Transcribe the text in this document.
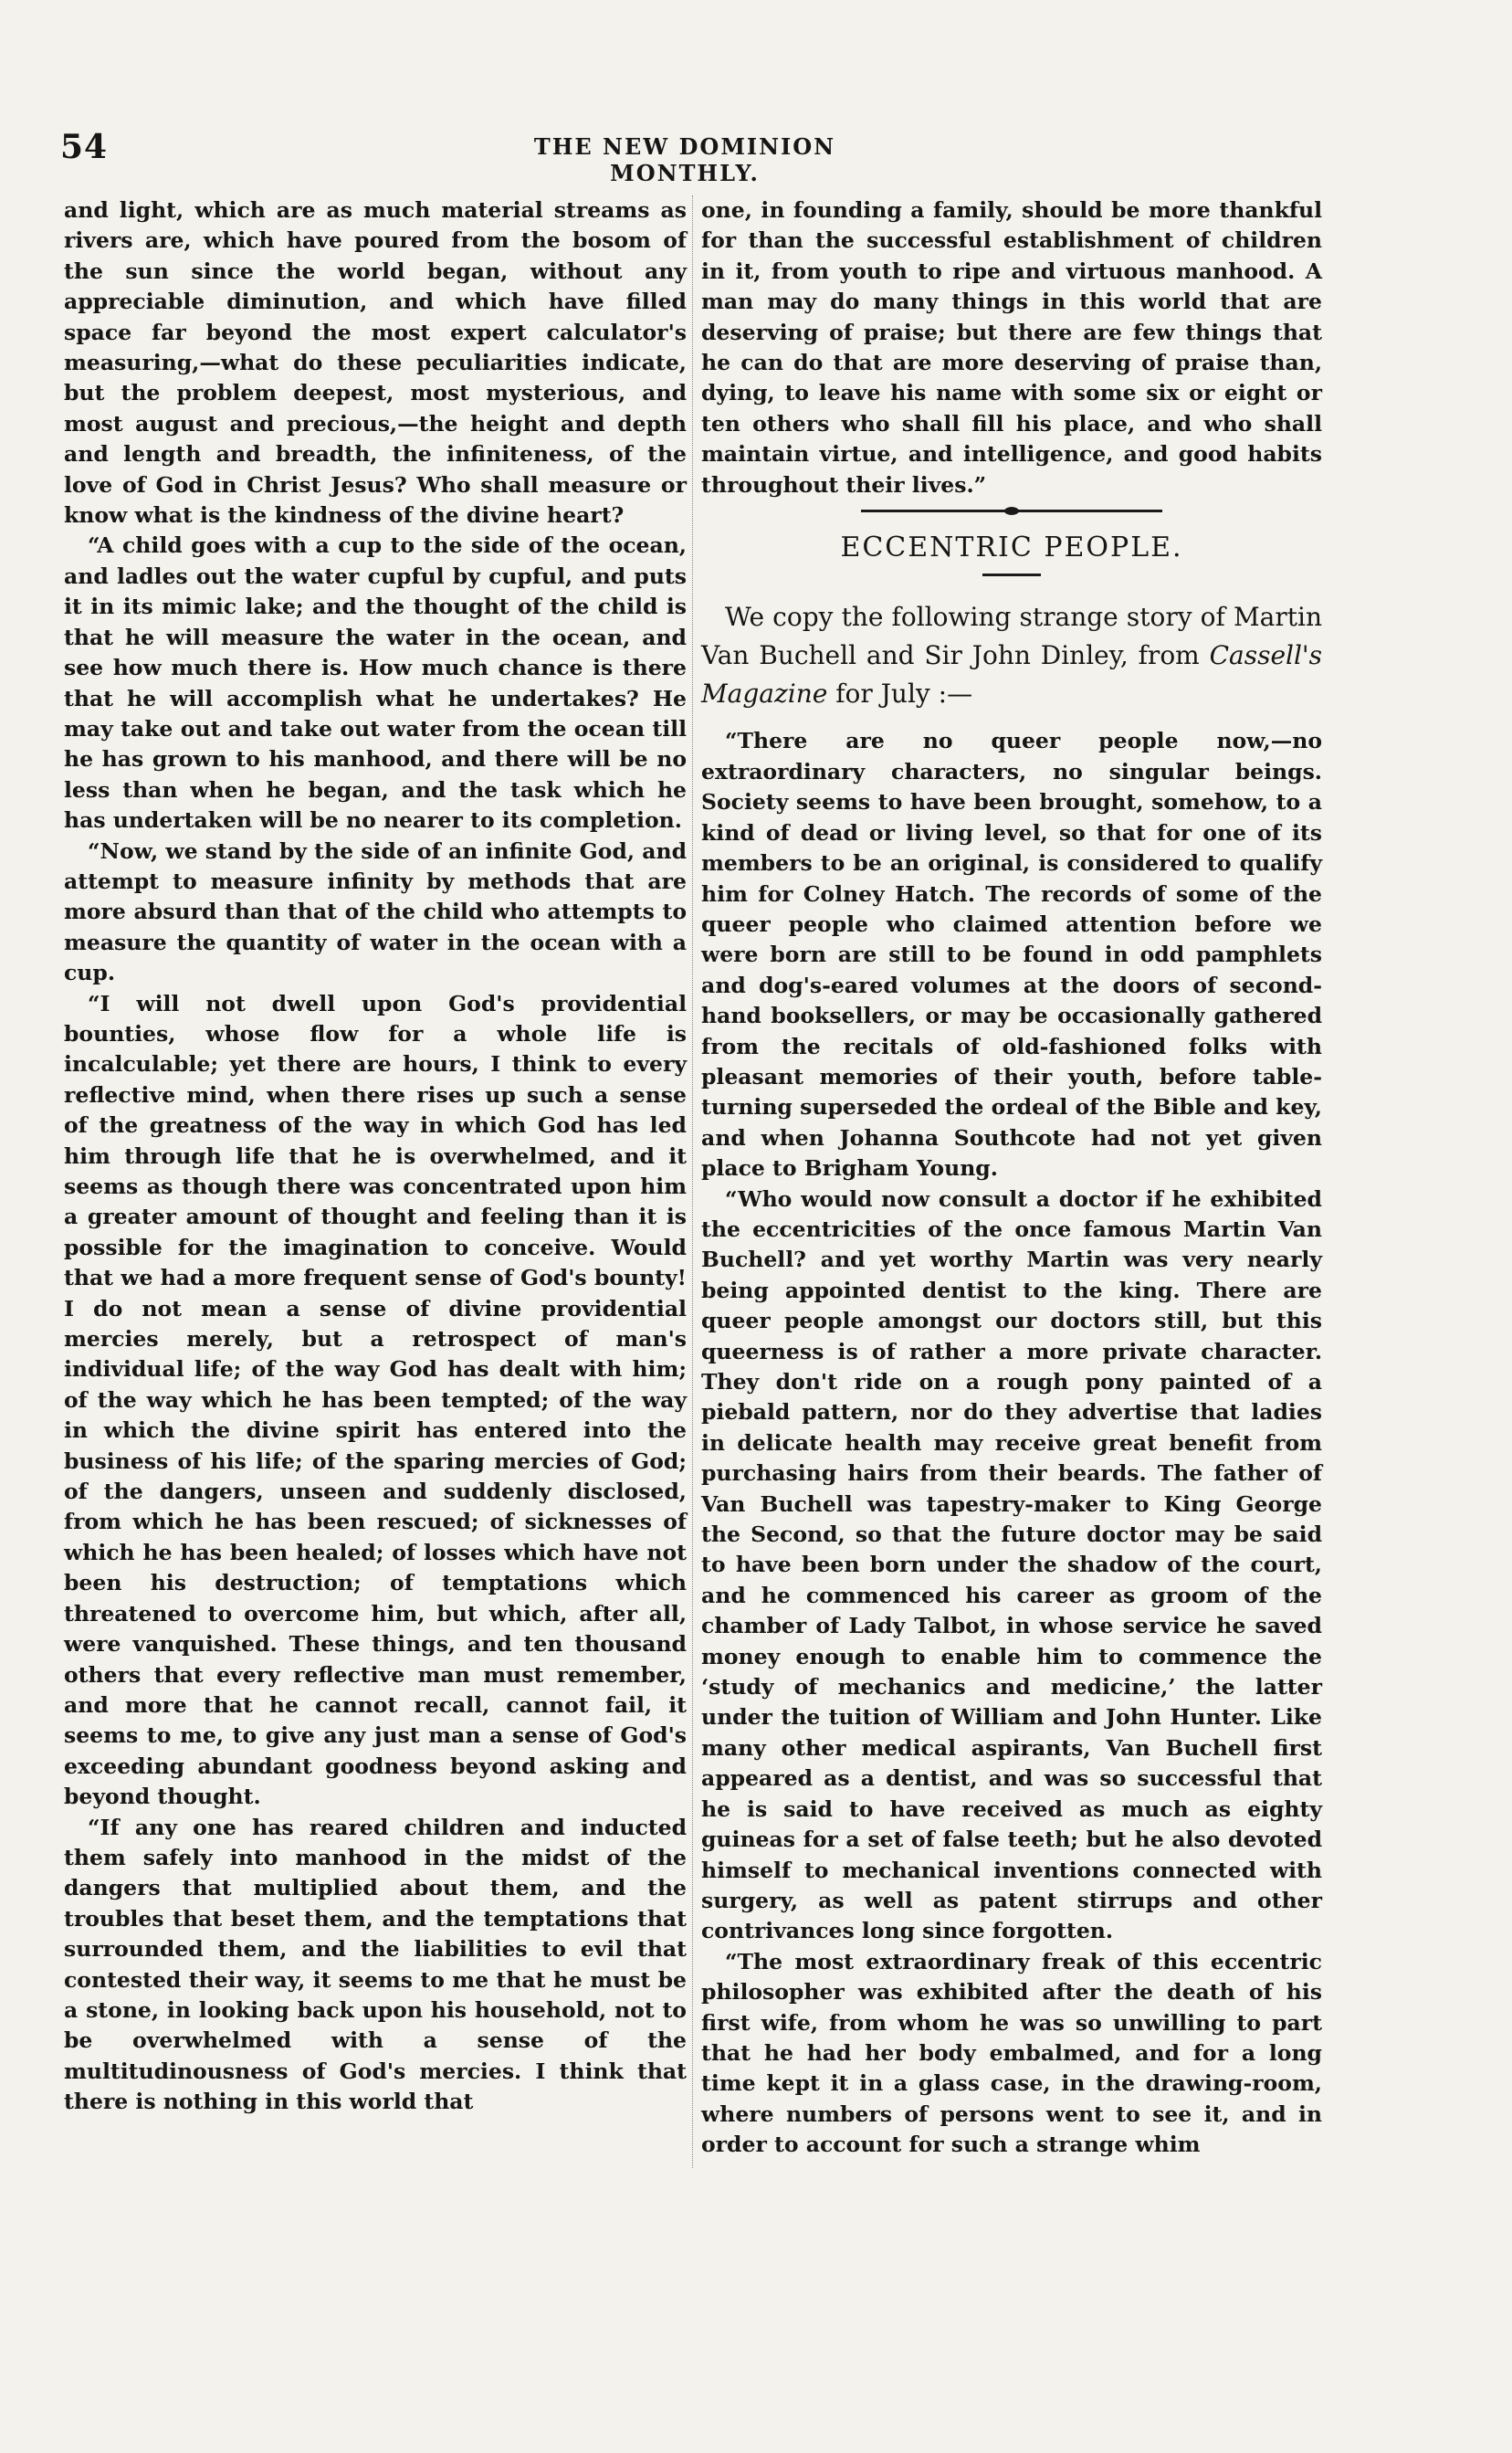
54	THE NEW DOMINION MONTHLY.

and light, which are as much material streams as rivers are, which have poured from the bosom of the sun since the world began, without any appreciable diminution, and which have filled space far beyond the most expert calculator's measuring,—what do these peculiarities indicate, but the problem deepest, most mysterious, and most august and precious,—the height and depth and length and breadth, the infiniteness, of the love of God in Christ Jesus? Who shall measure or know what is the kindness of the divine heart?

“A child goes with a cup to the side of the ocean, and ladles out the water cupful by cupful, and puts it in its mimic lake; and the thought of the child is that he will measure the water in the ocean, and see how much there is. How much chance is there that he will accomplish what he undertakes? He may take out and take out water from the ocean till he has grown to his manhood, and there will be no less than when he began, and the task which he has undertaken will be no nearer to its completion.

“Now, we stand by the side of an infinite God, and attempt to measure infinity by methods that are more absurd than that of the child who attempts to measure the quantity of water in the ocean with a cup.

“I will not dwell upon God's providential bounties, whose flow for a whole life is incalculable; yet there are hours, I think to every reflective mind, when there rises up such a sense of the greatness of the way in which God has led him through life that he is overwhelmed, and it seems as though there was concentrated upon him a greater amount of thought and feeling than it is possible for the imagination to conceive. Would that we had a more frequent sense of God's bounty! I do not mean a sense of divine providential mercies merely, but a retrospect of man's individual life; of the way God has dealt with him; of the way which he has been tempted; of the way in which the divine spirit has entered into the business of his life; of the sparing mercies of God; of the dangers, unseen and suddenly disclosed, from which he has been rescued; of sicknesses of which he has been healed; of losses which have not been his destruction; of temptations which threatened to overcome him, but which, after all, were vanquished. These things, and ten thousand others that every reflective man must remember, and more that he cannot recall, cannot fail, it seems to me, to give any just man a sense of God's exceeding abundant goodness beyond asking and beyond thought.

“If any one has reared children and inducted them safely into manhood in the midst of the dangers that multiplied about them, and the troubles that beset them, and the temptations that surrounded them, and the liabilities to evil that contested their way, it seems to me that he must be a stone, in looking back upon his household, not to be overwhelmed with a sense of the multitudinousness of God's mercies. I think that there is nothing in this world that

one, in founding a family, should be more thankful for than the successful establishment of children in it, from youth to ripe and virtuous manhood. A man may do many things in this world that are deserving of praise; but there are few things that he can do that are more deserving of praise than, dying, to leave his name with some six or eight or ten others who shall fill his place, and who shall maintain virtue, and intelligence, and good habits throughout their lives.”

ECCENTRIC PEOPLE.

We copy the following strange story of Martin Van Buchell and Sir John Dinley, from Cassell's Magazine for July :—

“There are no queer people now,—no extraordinary characters, no singular beings. Society seems to have been brought, somehow, to a kind of dead or living level, so that for one of its members to be an original, is considered to qualify him for Colney Hatch. The records of some of the queer people who claimed attention before we were born are still to be found in odd pamphlets and dog's-eared volumes at the doors of second-hand booksellers, or may be occasionally gathered from the recitals of old-fashioned folks with pleasant memories of their youth, before table-turning superseded the ordeal of the Bible and key, and when Johanna Southcote had not yet given place to Brigham Young.

“Who would now consult a doctor if he exhibited the eccentricities of the once famous Martin Van Buchell? and yet worthy Martin was very nearly being appointed dentist to the king. There are queer people amongst our doctors still, but this queerness is of rather a more private character. They don't ride on a rough pony painted of a piebald pattern, nor do they advertise that ladies in delicate health may receive great benefit from purchasing hairs from their beards. The father of Van Buchell was tapestry-maker to King George the Second, so that the future doctor may be said to have been born under the shadow of the court, and he commenced his career as groom of the chamber of Lady Talbot, in whose service he saved money enough to enable him to commence the ‘study of mechanics and medicine,’ the latter under the tuition of William and John Hunter. Like many other medical aspirants, Van Buchell first appeared as a dentist, and was so successful that he is said to have received as much as eighty guineas for a set of false teeth; but he also devoted himself to mechanical inventions connected with surgery, as well as patent stirrups and other contrivances long since forgotten.

“The most extraordinary freak of this eccentric philosopher was exhibited after the death of his first wife, from whom he was so unwilling to part that he had her body embalmed, and for a long time kept it in a glass case, in the drawing-room, where numbers of persons went to see it, and in order to account for such a strange whim
